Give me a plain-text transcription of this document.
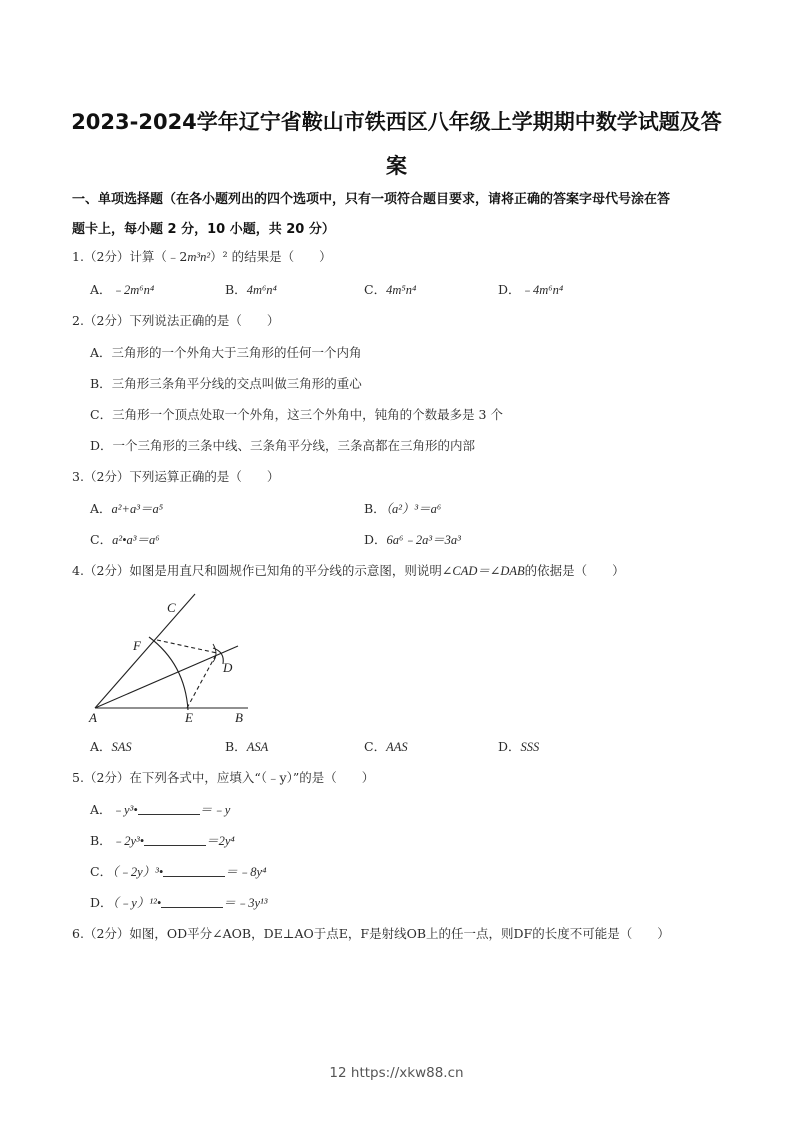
2023-2024学年辽宁省鞍山市铁西区八年级上学期期中数学试题及答
案
一、单项选择题（在各小题列出的四个选项中，只有一项符合题目要求，请将正确的答案字母代号涂在答
题卡上，每小题 2 分，10 小题，共 20 分）
1.（2分）计算（﹣2m³n²）² 的结果是（　　）
A．﹣2m⁶n⁴	B．4m⁶n⁴	C．4m⁵n⁴	D．﹣4m⁶n⁴
2.（2分）下列说法正确的是（　　）
A．三角形的一个外角大于三角形的任何一个内角
B．三角形三条角平分线的交点叫做三角形的重心
C．三角形一个顶点处取一个外角，这三个外角中，钝角的个数最多是 3 个
D．一个三角形的三条中线、三条角平分线，三条高都在三角形的内部
3.（2分）下列运算正确的是（　　）
A．a²+a³＝a⁵	B．（a²）³＝a⁶
C．a²•a³＝a⁶	D．6a⁶﹣2a³＝3a³
4.（2分）如图是用直尺和圆规作已知角的平分线的示意图，则说明∠CAD＝∠DAB的依据是（　　）
C
F
D
A	E	B
A．SAS	B．ASA	C．AAS	D．SSS
5.（2分）在下列各式中，应填入“（﹣y）”的是（　　）
A．﹣y³•	＝﹣y
B．﹣2y³•	＝2y⁴
C．（﹣2y）³•	＝﹣8y⁴
D．（﹣y）¹²•	＝﹣3y¹³
6.（2分）如图，OD平分∠AOB，DE⊥AO于点E，F是射线OB上的任一点，则DF的长度不可能是（　　）
12 https://xkw88.cn
